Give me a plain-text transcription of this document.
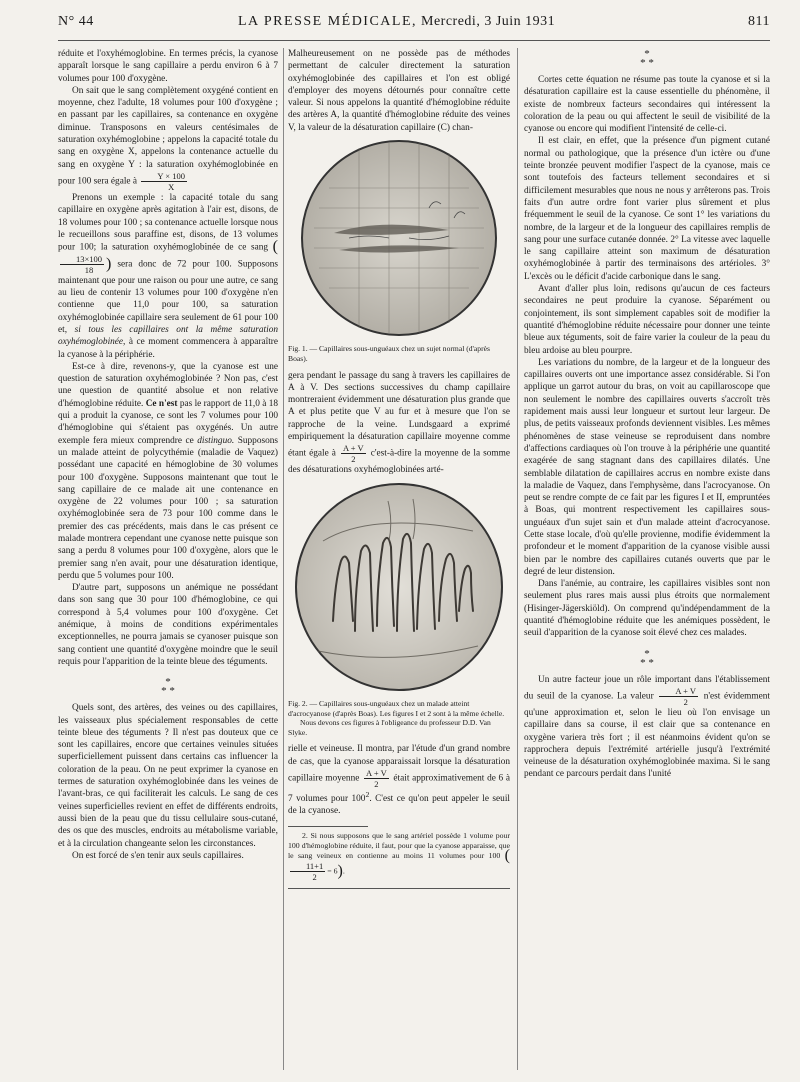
N° 44	LA PRESSE MÉDICALE, Mercredi, 3 Juin 1931	811

réduite et l'oxyhémoglobine. En termes précis, la cyanose apparaît lorsque le sang capillaire a perdu environ 6 à 7 volumes pour 100 d'oxygène.

On sait que le sang complètement oxygéné contient en moyenne, chez l'adulte, 18 volumes pour 100 d'oxygène ; en passant par les capillaires, sa contenance en oxygène diminue. Transposons en valeurs centésimales de saturation oxyhémoglobine ; appelons la capacité totale du sang en oxygène X, appelons la contenance actuelle du sang en oxygène Y : la saturation oxyhémoglobinée en pour 100 sera égale à $\frac{Y \times 100}{X}$

Prenons un exemple : la capacité totale du sang capillaire en oxygène après agitation à l'air est, disons, de 18 volumes pour 100 ; sa contenance actuelle lorsque nous le recueillons sous paraffine est, disons, de 13 volumes pour 100; la saturation oxyhémoglobinée de ce sang (
$\frac{13\times 100}{18}$ ) sera donc de 72 pour 100. Supposons maintenant que pour une raison ou pour une autre, ce sang au lieu de contenir 13 volumes pour 100 d'oxygène n'en contienne que 11,0 pour 100, sa saturation oxyhémoglobinée capillaire sera seulement de 61 pour 100 et, si tous les capillaires ont la même saturation oxyhémoglobinée, à ce moment commencera à apparaître la cyanose à la périphérie.

Est-ce à dire, revenons-y, que la cyanose est une question de saturation oxyhémoglobinée ? Non pas, c'est une question de quantité absolue et non relative d'hémoglobine réduite. Ce n'est pas le rapport de 11,0 à 18 qui a produit la cyanose, ce sont les 7 volumes pour 100 d'hémoglobine qui s'étaient pas oxygénés. Un autre exemple fera mieux comprendre ce distinguo. Supposons un malade atteint de polycythémie (maladie de Vaquez) possédant une capacité en hémoglobine de 30 volumes pour 100 d'oxygène. Supposons maintenant que tout le sang capillaire de ce malade ait une contenance en oxygène de 22 volumes pour 100 ; sa saturation oxyhémoglobinée sera de 73 pour 100 comme dans le premier des cas précédents, mais dans le cas présent ce malade montrera cependant une cyanose nette puisque son sang a perdu 8 volumes pour 100 d'oxygène, alors que le premier sang n'en avait, pour une désaturation identique, perdu que 5 volumes pour 100.

D'autre part, supposons un anémique ne possédant dans son sang que 30 pour 100 d'hémoglobine, ce qui correspond à 5,4 volumes pour 100 d'oxygène. Cet anémique, à moins de conditions expérimentales exceptionnelles, ne pourra jamais se cyanoser puisque son sang contient une quantité d'oxygène moindre que le seuil requis pour l'apparition de la teinte bleue des téguments.

*
* *

Quels sont, des artères, des veines ou des capillaires, les vaisseaux plus spécialement responsables de cette teinte bleue des téguments ? Il n'est pas douteux que ce sont les capillaires, encore que certaines veinules situées superficiellement puissent dans certains cas influencer la coloration de la peau. On ne peut exprimer la cyanose en termes de saturation oxyhémoglobinée dans les veines de l'avant-bras, ce qui faciliterait les calculs. Le sang de ces veines superficielles revient en effet de différents endroits, aussi bien de la peau que du tissu cellulaire sous-cutané, des os que des muscles, endroits au métabolisme variable, et à la circulation changeante selon les circonstances.

On est forcé de s'en tenir aux seuls capillaires.

Malheureusement on ne possède pas de méthodes permettant de calculer directement la saturation oxyhémoglobinée des capillaires et l'on est obligé d'employer des moyens détournés pour connaître cette valeur. Si nous appelons la quantité d'hémoglobine réduite des artères A, la quantité d'hémoglobine réduite des veines V, la valeur de la désaturation capillaire (C) chan-

Fig. 1. — Capillaires sous-unguéaux chez un sujet normal (d'après Boas).

gera pendant le passage du sang à travers les capillaires de A à V. Des sections successives du champ capillaire montreraient évidemment une désaturation plus grande que A et plus petite que V au fur et à mesure que l'on se rapproche de la veine. Lundsgaard a exprimé empiriquement la désaturation capillaire moyenne comme étant égale à $\frac{A + V}{2}$ c'est-à-dire la moyenne de la somme des désaturations oxyhémoglobinées arté-

Fig. 2. — Capillaires sous-unguéaux chez un malade atteint d'acrocyanose (d'après Boas). Les figures I et 2 sont à la même échelle.
Nous devons ces figures à l'obligeance du professeur D.D. Van Slyke.

rielle et veineuse. Il montra, par l'étude d'un grand nombre de cas, que la cyanose apparaissait lorsque la désaturation capillaire moyenne $\frac{A + V}{2}$ était approximativement de 6 à 7 volumes pour $100^2$. C'est ce qu'on peut appeler le seuil de la cyanose.

2. Si nous supposons que le sang artériel possède 1 volume pour 100 d'hémoglobine réduite, il faut, pour que la cyanose apparaisse, que le sang veineux en contienne au moins 11 volumes pour 100 (
$\frac{11+1}{2} = 6$).

*
* *

Cortes cette équation ne résume pas toute la cyanose et si la désaturation capillaire est la cause essentielle du phénomène, il existe de nombreux facteurs secondaires qui intéressent la coloration de la peau ou qui affectent le seuil de visibilité de la cyanose ou encore qui modifient l'intensité de celle-ci.

Il est clair, en effet, que la présence d'un pigment cutané normal ou pathologique, que la présence d'un ictère ou d'une teinte bronzée peuvent modifier l'aspect de la cyanose, mais ce sont toutefois des facteurs tellement secondaires et si difficilement mesurables que nous ne nous y arrêterons pas. Trois faits d'un autre ordre font varier plus sûrement et plus fréquemment le seuil de la cyanose. Ce sont 1° les variations du nombre, de la largeur et de la longueur des capillaires remplis de sang pour une surface cutanée donnée. 2° La vitesse avec laquelle le sang capillaire atteint son maximum de désaturation oxyhémoglobinée à partir des terminaisons des artérioles. 3° L'excès ou le déficit d'acide carbonique dans le sang.

Avant d'aller plus loin, redisons qu'aucun de ces facteurs secondaires ne peut produire la cyanose. Séparément ou conjointement, ils sont simplement capables soit de modifier la quantité d'hémoglobine réduite nécessaire pour donner une teinte bleue aux téguments, soit de faire varier la couleur de la peau du bleu ardoise au bleu pourpre.

Les variations du nombre, de la largeur et de la longueur des capillaires ouverts ont une importance assez considérable. Si l'on applique un garrot autour du bras, on voit au capillaroscope que non seulement le nombre des capillaires ouverts s'accroît très rapidement mais aussi leur longueur et surtout leur largeur. De plus, de petits vaisseaux profonds deviennent visibles. Les mêmes phénomènes de stase veineuse se reproduisent dans nombre d'affections cardiaques où l'on trouve à la périphérie une quantité exagérée de sang stagnant dans des capillaires dilatés. Une semblable dilatation de capillaires accrus en nombre existe dans la maladie de Vaquez, dans l'emphysème, dans l'acrocyanose. On peut se rendre compte de ce fait par les figures I et II, empruntées à Boas, qui montrent respectivement les capillaires sous-unguéaux d'un sujet sain et d'un malade atteint d'acrocyanose. Cette stase locale, d'où qu'elle provienne, modifie évidemment la profondeur et le moment d'apparition de la cyanose visible aussi bien par le nombre des capillaires cutanés ouverts que par le degré de leur distension.

Dans l'anémie, au contraire, les capillaires visibles sont non seulement plus rares mais aussi plus étroits que normalement (Hisinger-Jägerskiöld). On comprend qu'indépendamment de la quantité d'hémoglobine réduite que les anémiques possèdent, le seuil d'apparition de la cyanose soit élevé chez ces malades.

*
* *

Un autre facteur joue un rôle important dans l'établissement du seuil de la cyanose. La valeur $\frac{A + V}{2} n'est$ évidemment qu'une approximation et, selon le lieu où l'on envisage un capillaire dans sa course, il est clair que sa contenance en oxygène variera très fort ; il est néanmoins évident qu'on se rapprochera depuis l'extrémité artérielle jusqu'à l'extrémité veineuse de la désaturation oxyhémoglobinée maxima. Si le sang pendant ce parcours perdait dans l'unité
